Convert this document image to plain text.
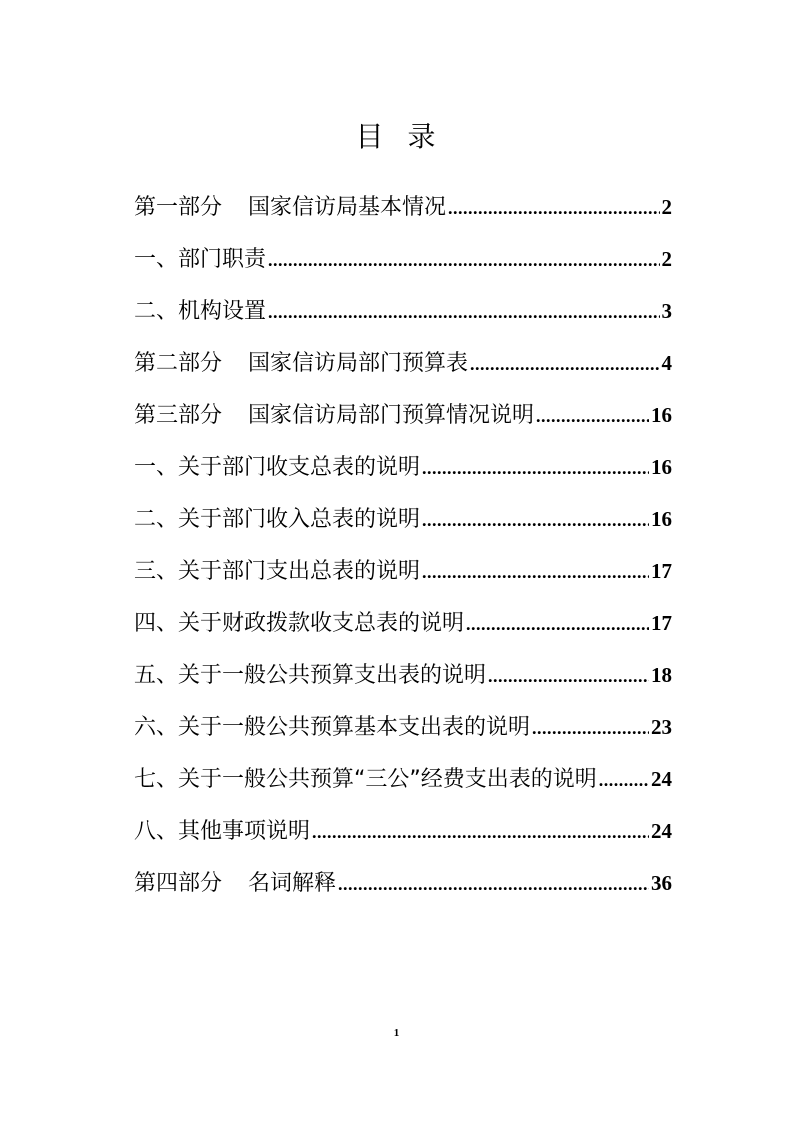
目 录
第一部分 国家信访局基本情况 .....	2
一、部门职责 .....	2
二、机构设置 .....	3
第二部分 国家信访局部门预算表 .....	4
第三部分 国家信访局部门预算情况说明 .....	16
一、关于部门收支总表的说明 .....	16
二、关于部门收入总表的说明 .....	16
三、关于部门支出总表的说明 .....	17
四、关于财政拨款收支总表的说明 .....	17
五、关于一般公共预算支出表的说明 .....	18
六、关于一般公共预算基本支出表的说明 .....	23
七、关于一般公共预算“三公”经费支出表的说明 .....	24
八、其他事项说明 .....	24
第四部分 名词解释 .....	36
1
